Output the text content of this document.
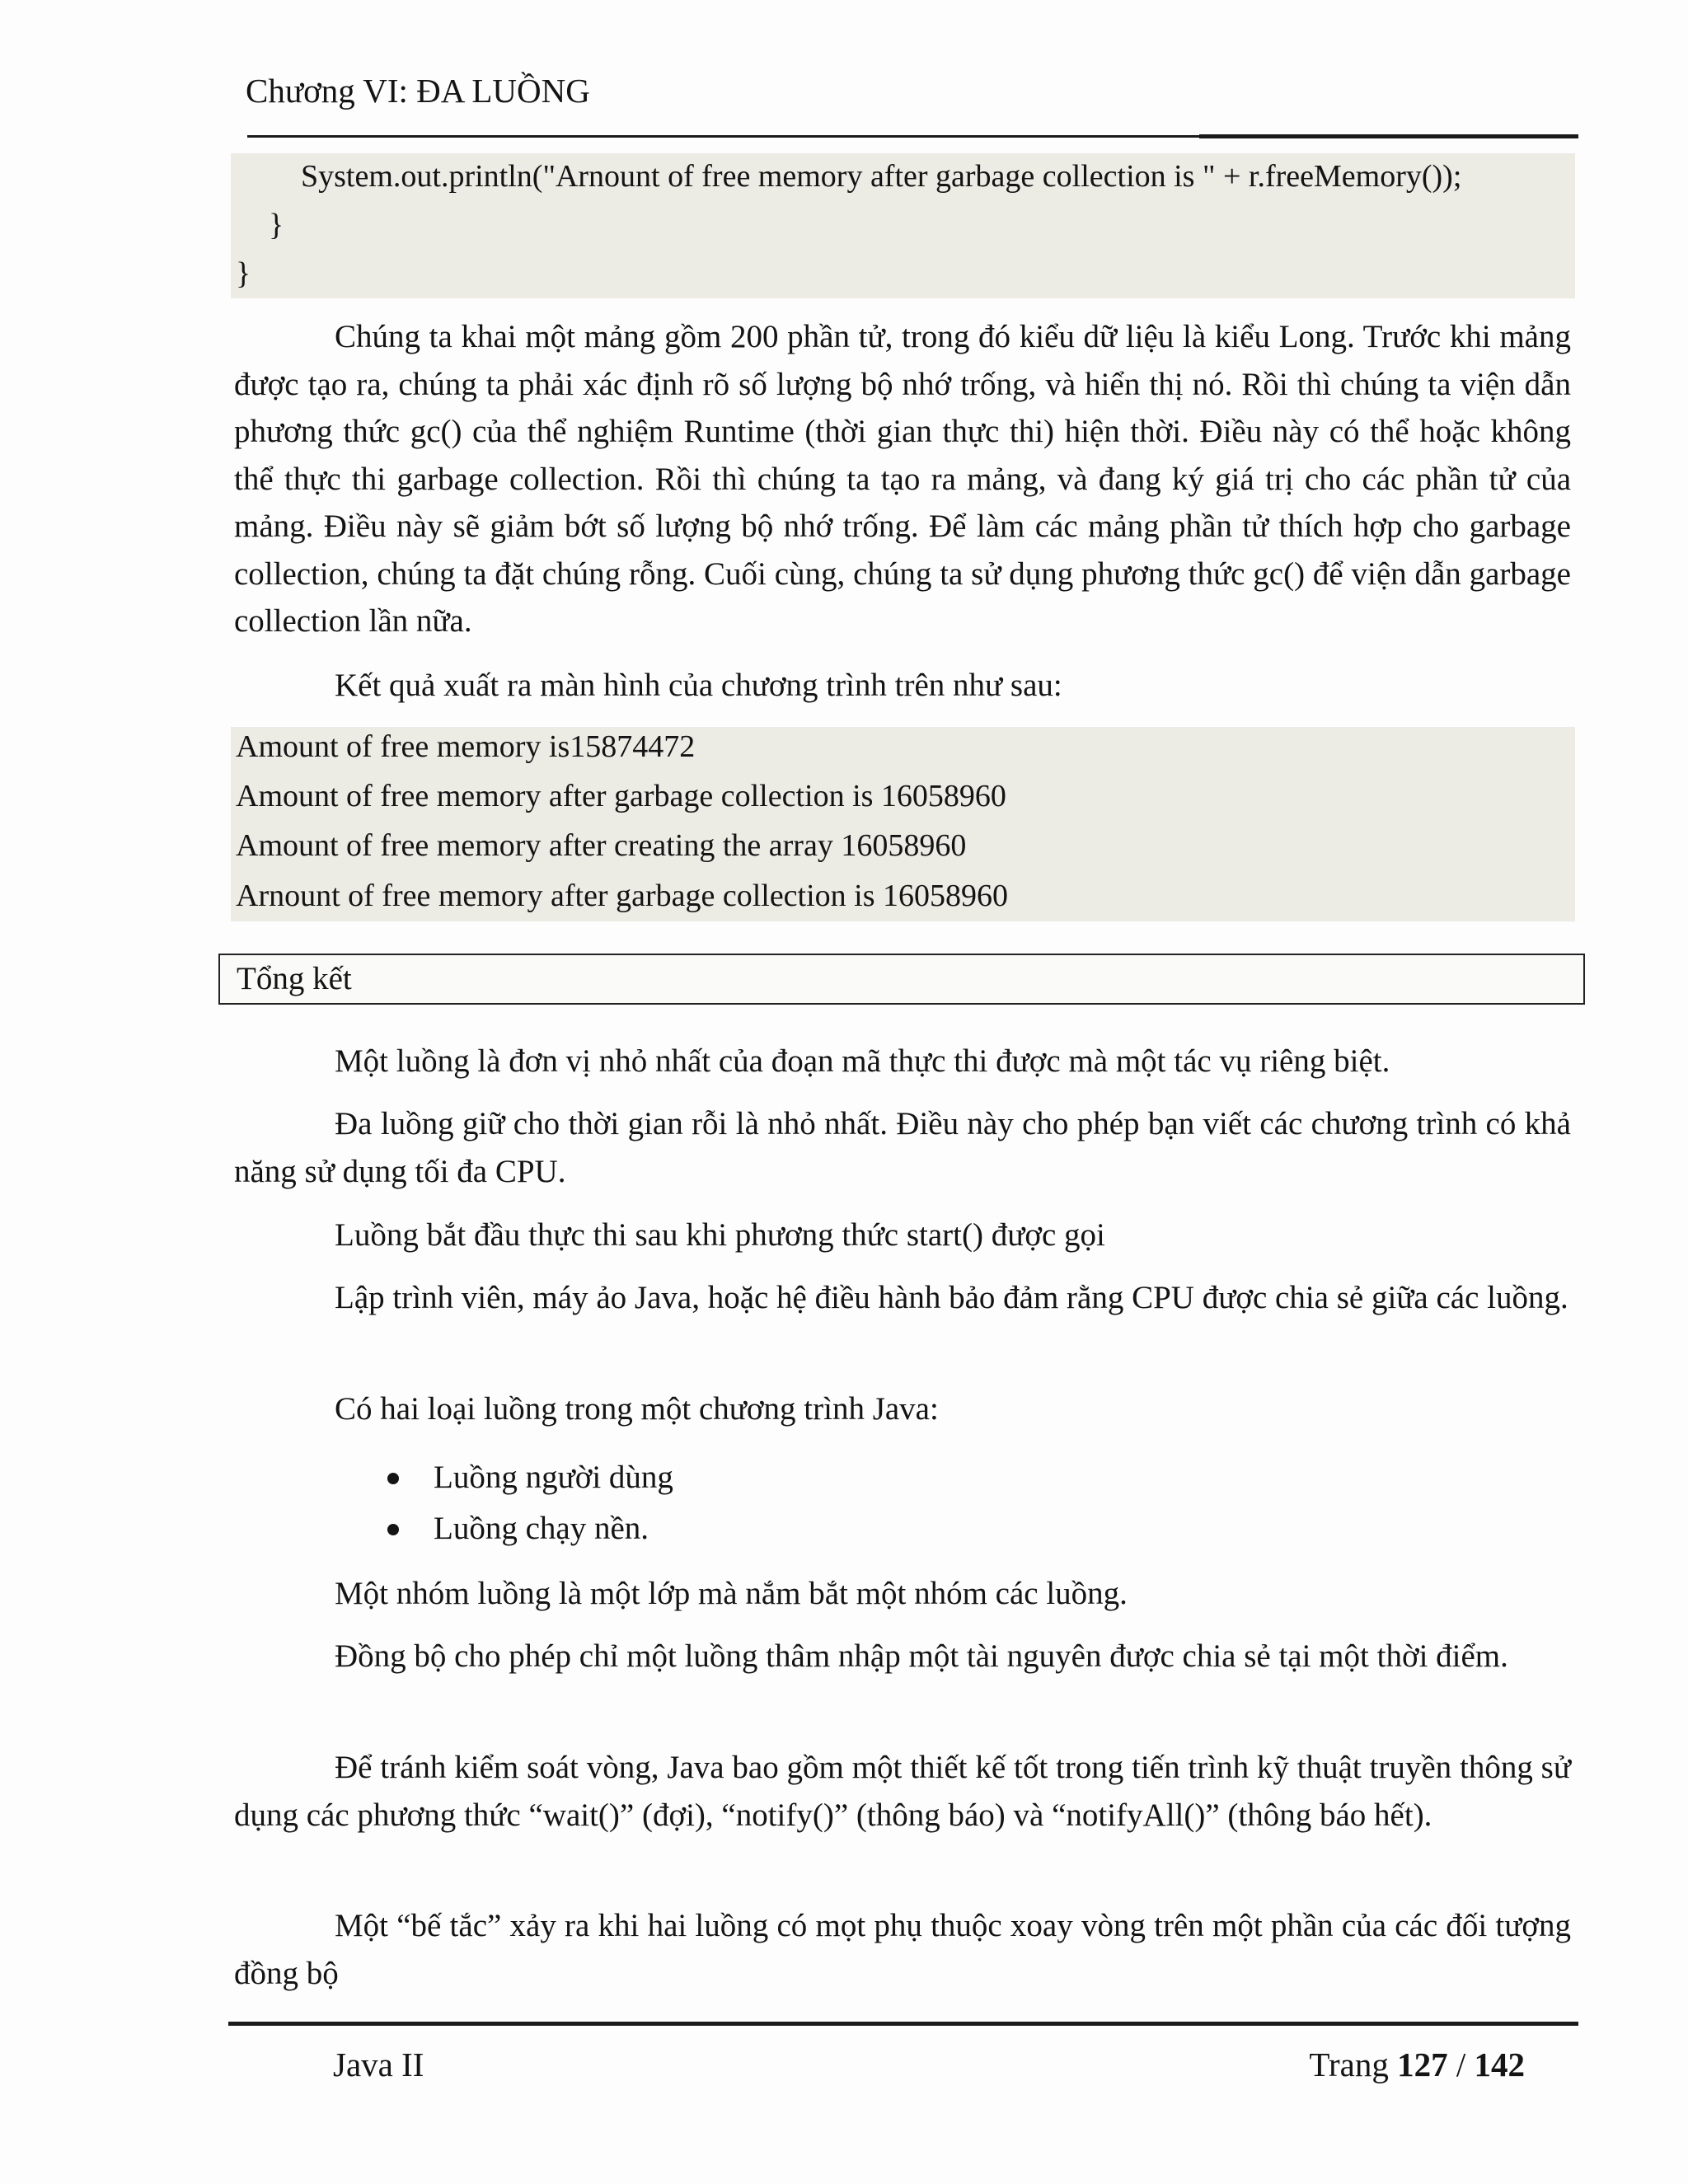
Chương VI: ĐA LUỒNG
System.out.println("Arnount of free memory after garbage collection is " + r.freeMemory());
}
}

Chúng ta khai một mảng gồm 200 phần tử, trong đó kiểu dữ liệu là kiểu Long. Trước khi mảng được tạo ra, chúng ta phải xác định rõ số lượng bộ nhớ trống, và hiển thị nó. Rồi thì chúng ta viện dẫn phương thức gc() của thể nghiệm Runtime (thời gian thực thi) hiện thời. Điều này có thể hoặc không thể thực thi garbage collection. Rồi thì chúng ta tạo ra mảng, và đang ký giá trị cho các phần tử của mảng. Điều này sẽ giảm bớt số lượng bộ nhớ trống. Để làm các mảng phần tử thích hợp cho garbage collection, chúng ta đặt chúng rỗng. Cuối cùng, chúng ta sử dụng phương thức gc() để viện dẫn garbage collection lần nữa.

Kết quả xuất ra màn hình của chương trình trên như sau:

Amount of free memory is15874472
Amount of free memory after garbage collection is 16058960
Amount of free memory after creating the array 16058960
Arnount of free memory after garbage collection is 16058960
Tổng kết

Một luồng là đơn vị nhỏ nhất của đoạn mã thực thi được mà một tác vụ riêng biệt.

Đa luồng giữ cho thời gian rỗi là nhỏ nhất. Điều này cho phép bạn viết các chương trình có khả năng sử dụng tối đa CPU.

Luồng bắt đầu thực thi sau khi phương thức start() được gọi

Lập trình viên, máy ảo Java, hoặc hệ điều hành bảo đảm rằng CPU được chia sẻ giữa các luồng.

Có hai loại luồng trong một chương trình Java:

Luồng người dùng
Luồng chạy nền.

Một nhóm luồng là một lớp mà nắm bắt một nhóm các luồng.

Đồng bộ cho phép chỉ một luồng thâm nhập một tài nguyên được chia sẻ tại một thời điểm.

Để tránh kiểm soát vòng, Java bao gồm một thiết kế tốt trong tiến trình kỹ thuật truyền thông sử dụng các phương thức “wait()” (đợi), “notify()” (thông báo) và “notifyAll()” (thông báo hết).

Một “bế tắc” xảy ra khi hai luồng có mọt phụ thuộc xoay vòng trên một phần của các đối tượng đồng bộ

Java II	Trang 127 / 142
